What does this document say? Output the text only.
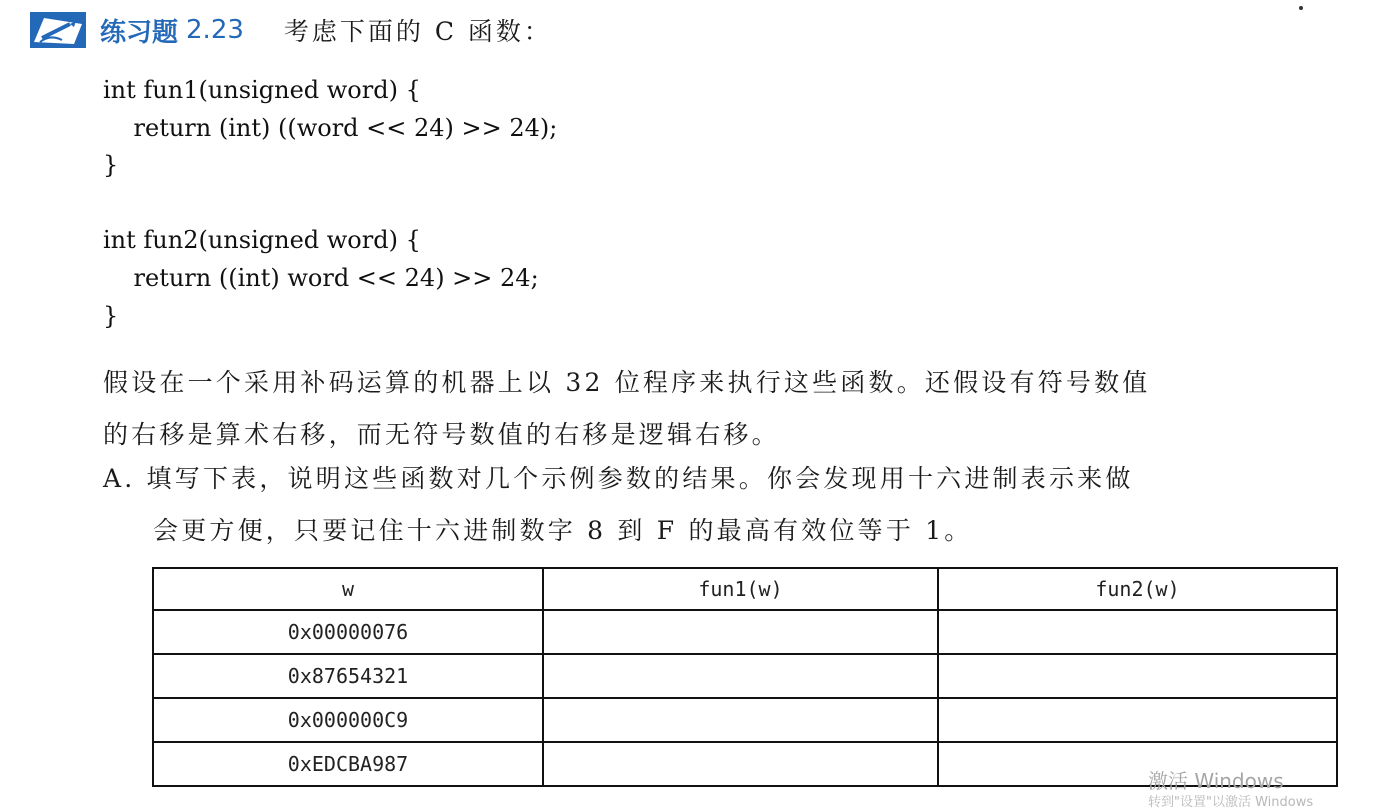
练习题 2.23 考虑下面的 C 函数：
int fun1(unsigned word) {
return (int) ((word << 24) >> 24);
}
int fun2(unsigned word) {
return ((int) word << 24) >> 24;
}

假设在一个采用补码运算的机器上以 32 位程序来执行这些函数。还假设有符号数值

的右移是算术右移，而无符号数值的右移是逻辑右移。

A. 填写下表，说明这些函数对几个示例参数的结果。你会发现用十六进制表示来做
会更方便，只要记住十六进制数字 8 到 F 的最高有效位等于 1。
w	fun1(w)	fun2(w)
0x00000076		
0x87654321		
0x000000C9		
0xEDCBA987		
激活 Windows
转到"设置"以激活 Windows
